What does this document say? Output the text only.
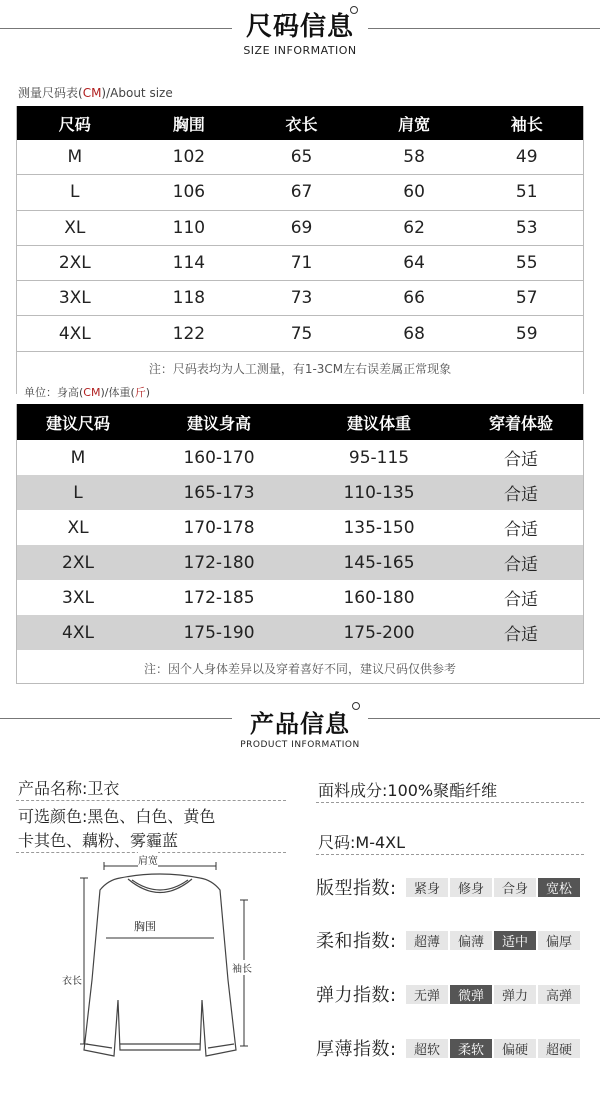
尺码信息
SIZE INFORMATION
测量尺码表(CM)/About size
尺码	胸围	衣长	肩宽	袖长
M	102	65	58	49
L	106	67	60	51
XL	110	69	62	53
2XL	114	71	64	55
3XL	118	73	66	57
4XL	122	75	68	59
注：尺码表均为人工测量，有1-3CM左右误差属正常现象
单位：身高(CM)/体重(斤)
建议尺码	建议身高	建议体重	穿着体验
M	160-170	95-115	合适
L	165-173	110-135	合适
XL	170-178	135-150	合适
2XL	172-180	145-165	合适
3XL	172-185	160-180	合适
4XL	175-190	175-200	合适
注：因个人身体差异以及穿着喜好不同，建议尺码仅供参考
产品信息
PRODUCT INFORMATION
产品名称:卫衣	面料成分:100%聚酯纤维
可选颜色:黑色、白色、黄色
卡其色、藕粉、雾霾蓝	尺码:M-4XL
肩宽
胸围
衣长
袖长
版型指数:	紧身	修身	合身	宽松
柔和指数:	超薄	偏薄	适中	偏厚
弹力指数:	无弹	微弹	弹力	高弹
厚薄指数:	超软	柔软	偏硬	超硬
